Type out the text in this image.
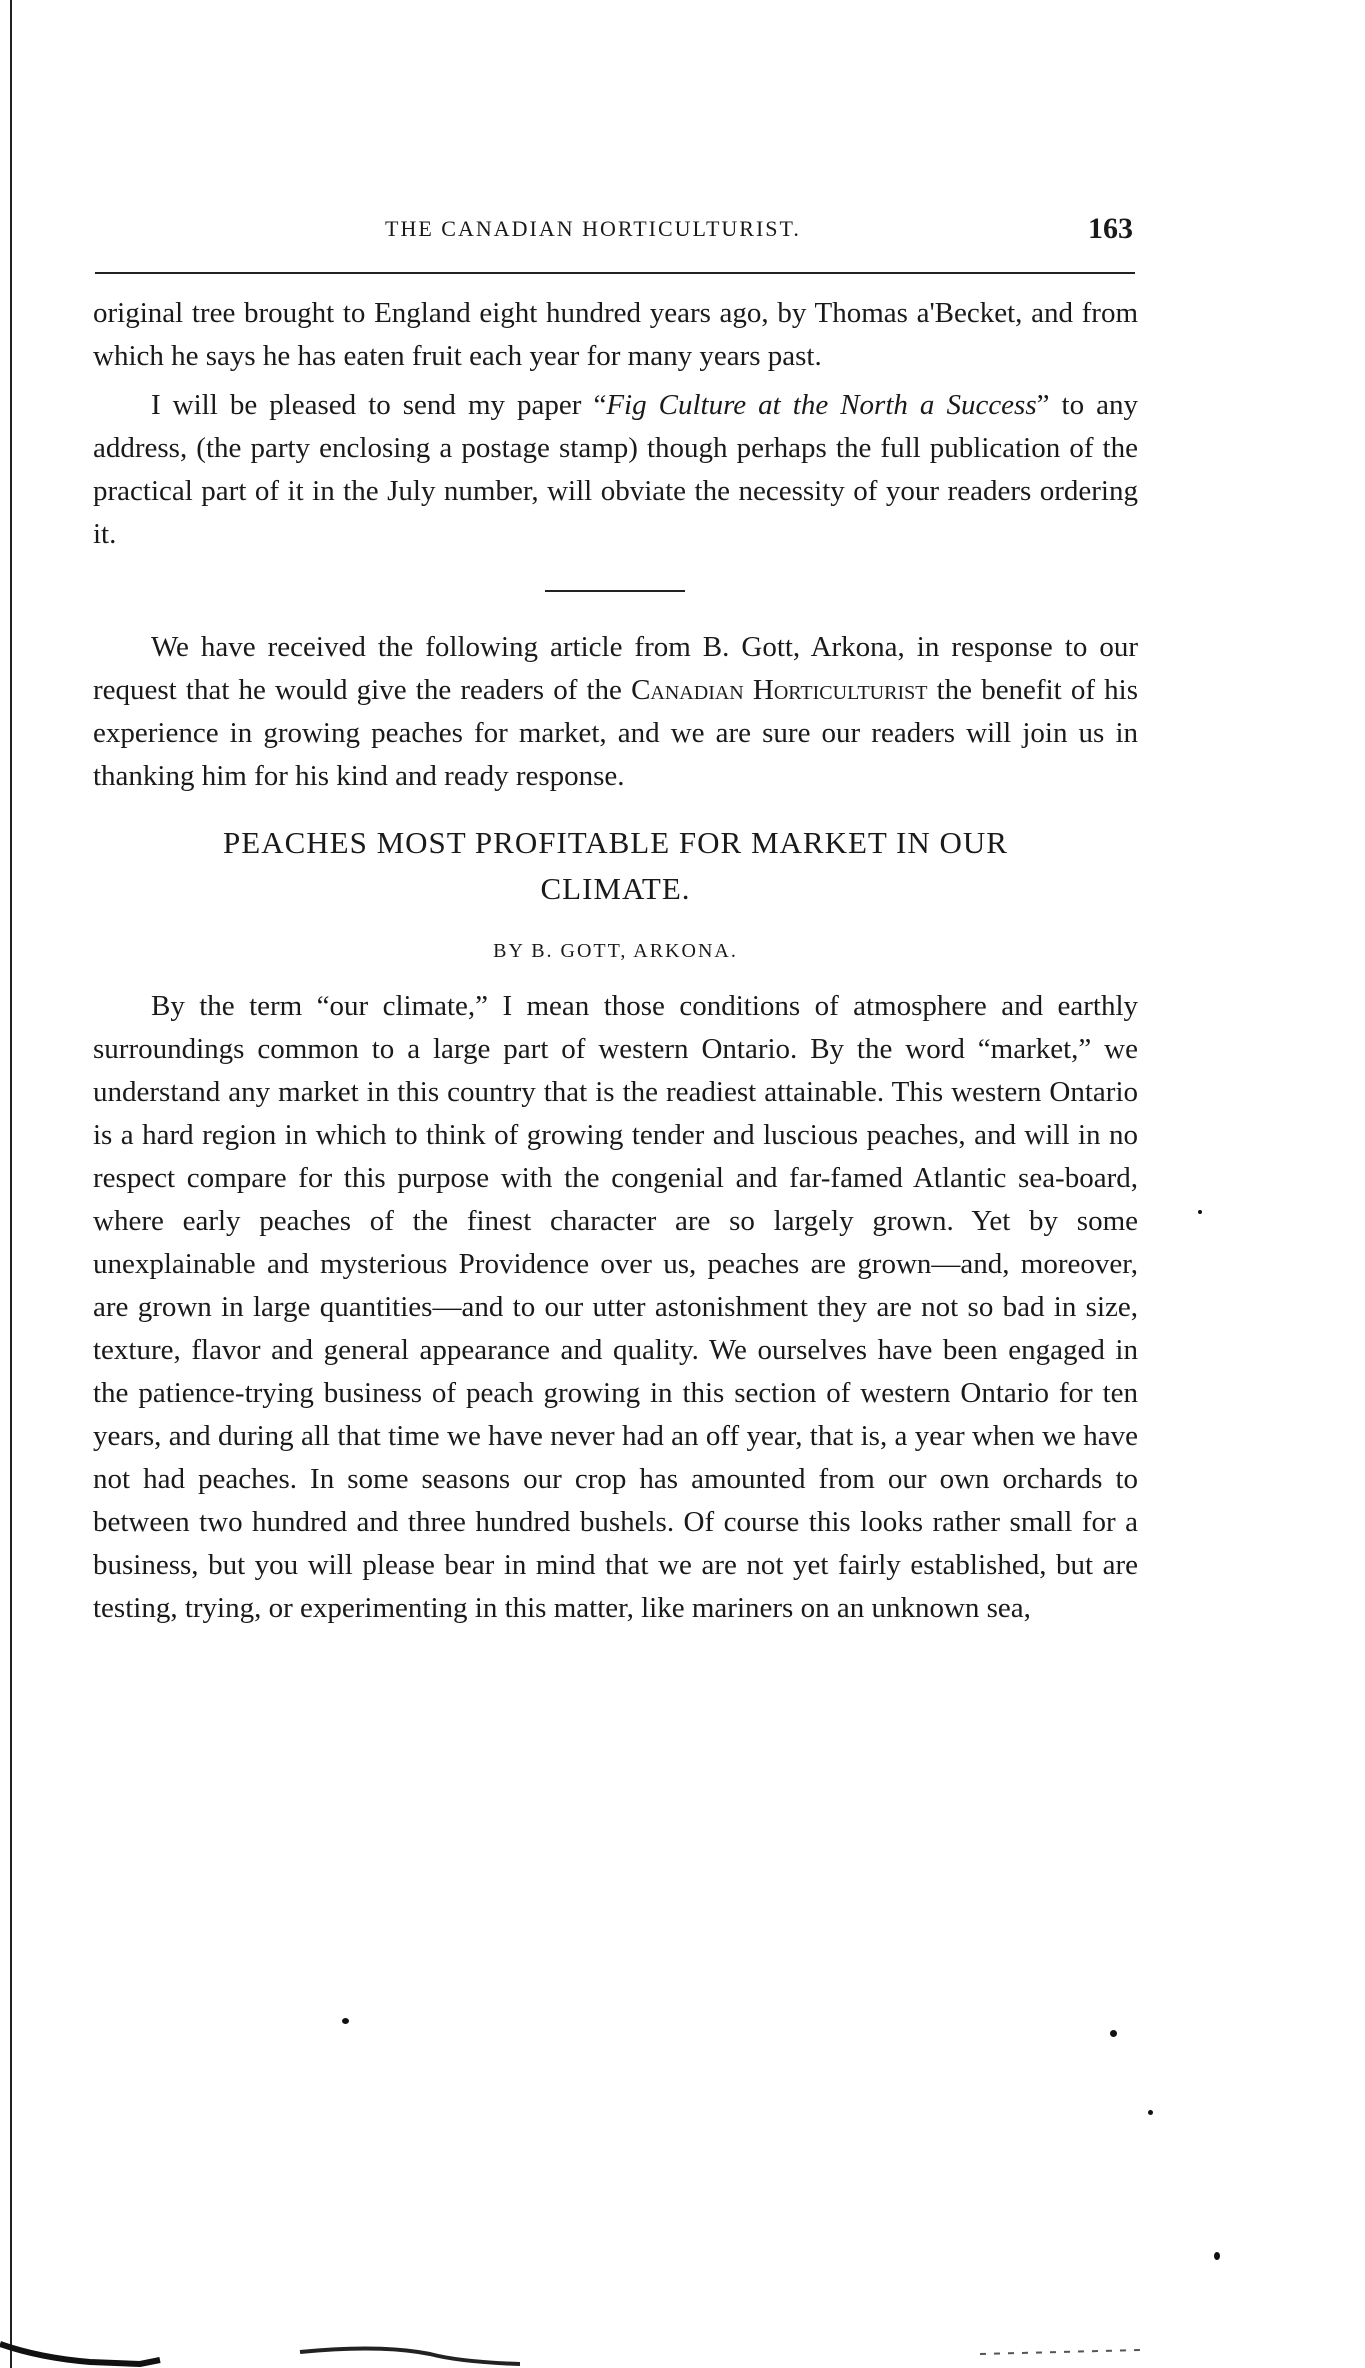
THE CANADIAN HORTICULTURIST.	163

original tree brought to England eight hundred years ago, by Thomas a'Becket, and from which he says he has eaten fruit each year for many years past.

I will be pleased to send my paper “Fig Culture at the North a Success” to any address, (the party enclosing a postage stamp) though perhaps the full publication of the practical part of it in the July number, will obviate the necessity of your readers ordering it.

We have received the following article from B. Gott, Arkona, in response to our request that he would give the readers of the Canadian Horticulturist the benefit of his experience in growing peaches for market, and we are sure our readers will join us in thanking him for his kind and ready response.

PEACHES MOST PROFITABLE FOR MARKET IN OUR
CLIMATE.
BY B. GOTT, ARKONA.

By the term “our climate,” I mean those conditions of atmosphere and earthly surroundings common to a large part of western Ontario. By the word “market,” we understand any market in this country that is the readiest attainable. This western Ontario is a hard region in which to think of growing tender and luscious peaches, and will in no respect compare for this purpose with the congenial and far-famed Atlantic sea-board, where early peaches of the finest character are so largely grown. Yet by some unexplainable and mysterious Providence over us, peaches are grown—and, moreover, are grown in large quantities—and to our utter astonishment they are not so bad in size, texture, flavor and general appearance and quality. We ourselves have been engaged in the patience-trying business of peach growing in this section of western Ontario for ten years, and during all that time we have never had an off year, that is, a year when we have not had peaches. In some seasons our crop has amounted from our own orchards to between two hundred and three hundred bushels. Of course this looks rather small for a business, but you will please bear in mind that we are not yet fairly established, but are testing, trying, or experimenting in this matter, like mariners on an unknown sea,
